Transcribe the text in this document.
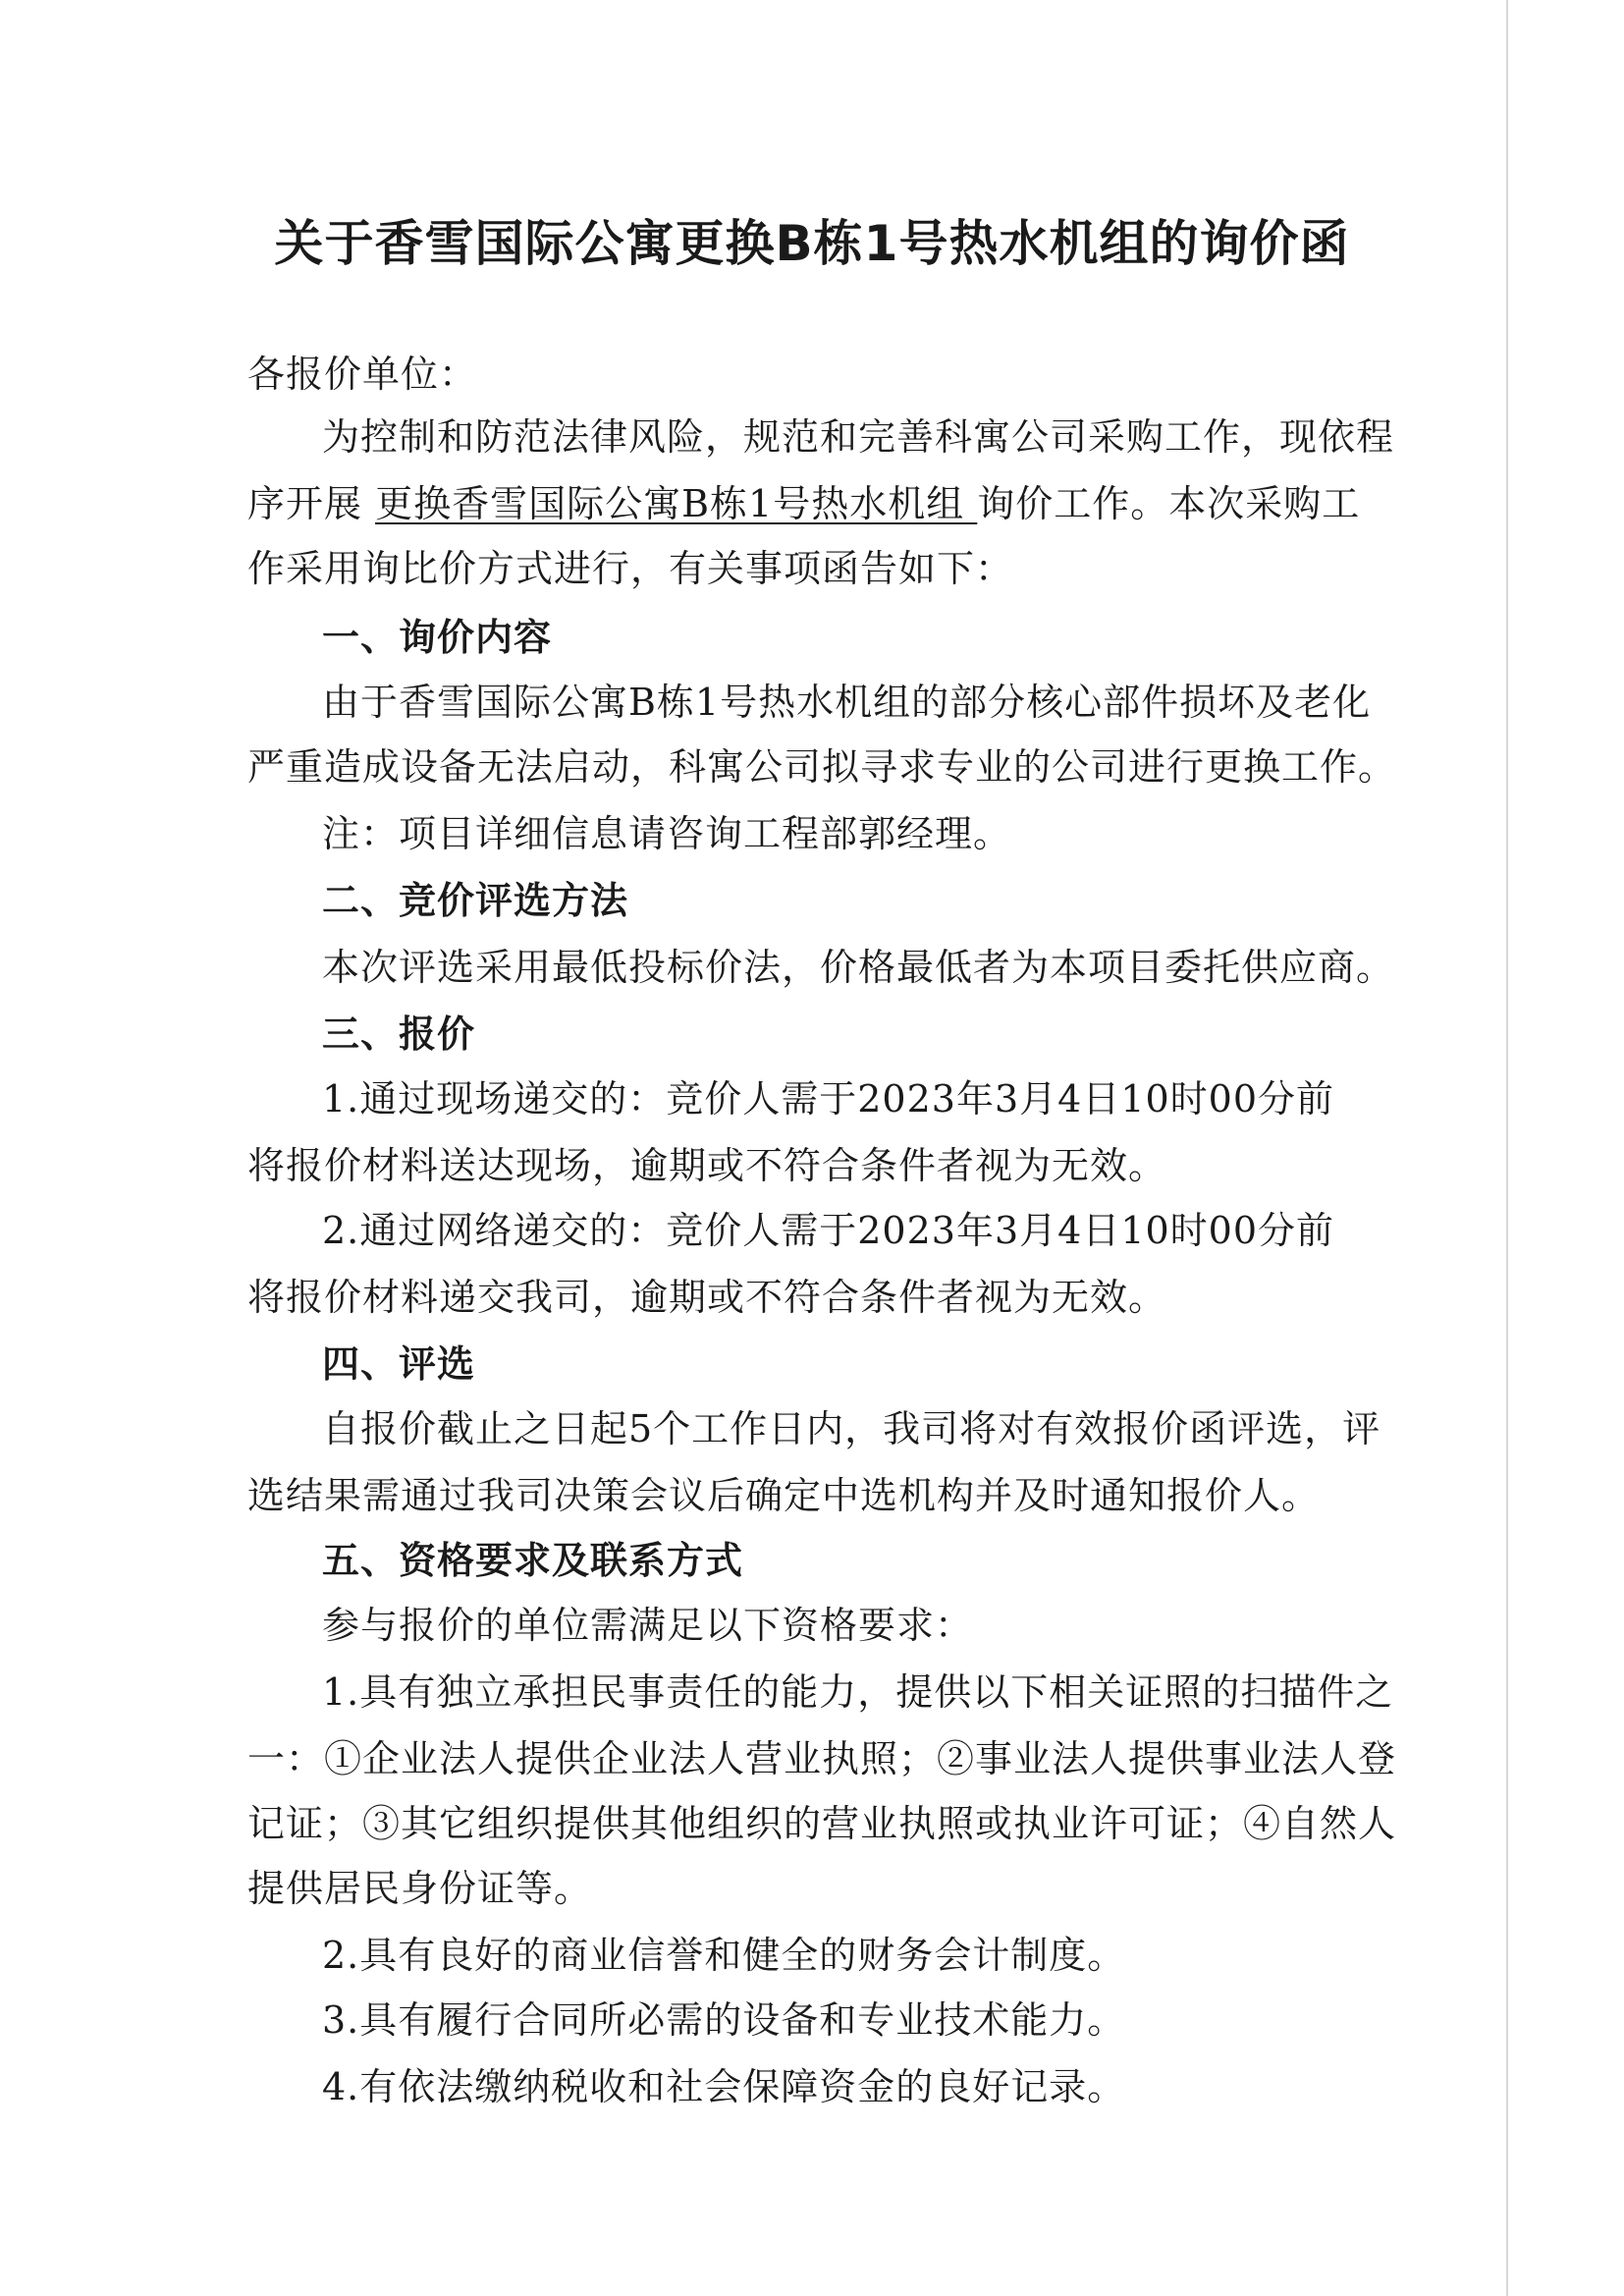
关于香雪国际公寓更换B栋1号热水机组的询价函
各报价单位：
为控制和防范法律风险，规范和完善科寓公司采购工作，现依程
序开展 更换香雪国际公寓B栋1号热水机组 询价工作。本次采购工
作采用询比价方式进行，有关事项函告如下：
一、询价内容
由于香雪国际公寓B栋1号热水机组的部分核心部件损坏及老化
严重造成设备无法启动，科寓公司拟寻求专业的公司进行更换工作。
注：项目详细信息请咨询工程部郭经理。
二、竞价评选方法
本次评选采用最低投标价法，价格最低者为本项目委托供应商。
三、报价
1.通过现场递交的：竞价人需于2023年3月4日10时00分前
将报价材料送达现场，逾期或不符合条件者视为无效。
2.通过网络递交的：竞价人需于2023年3月4日10时00分前
将报价材料递交我司，逾期或不符合条件者视为无效。
四、评选
自报价截止之日起5个工作日内，我司将对有效报价函评选，评
选结果需通过我司决策会议后确定中选机构并及时通知报价人。
五、资格要求及联系方式
参与报价的单位需满足以下资格要求：
1.具有独立承担民事责任的能力，提供以下相关证照的扫描件之
一：①企业法人提供企业法人营业执照；②事业法人提供事业法人登
记证；③其它组织提供其他组织的营业执照或执业许可证；④自然人
提供居民身份证等。
2.具有良好的商业信誉和健全的财务会计制度。
3.具有履行合同所必需的设备和专业技术能力。
4.有依法缴纳税收和社会保障资金的良好记录。
